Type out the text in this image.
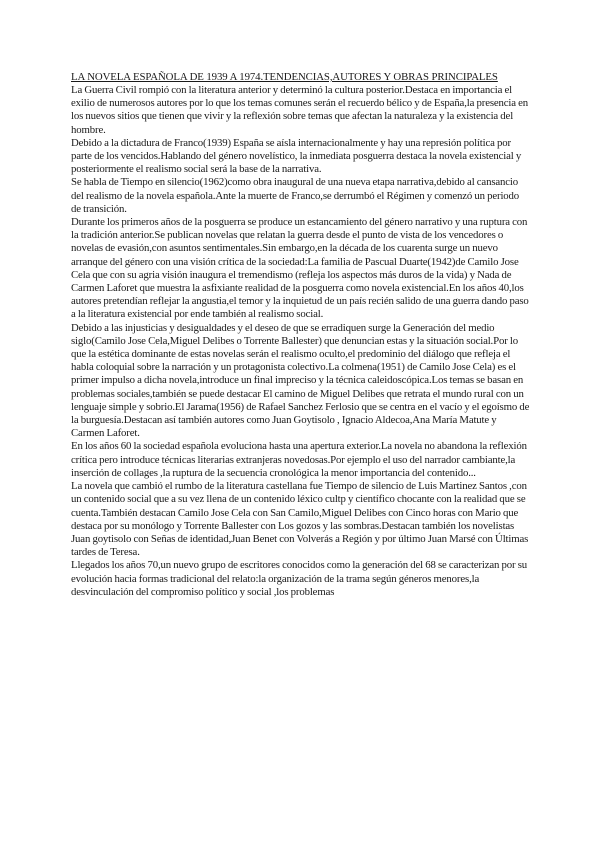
LA NOVELA ESPAÑOLA DE 1939 A 1974.TENDENCIAS,AUTORES Y OBRAS PRINCIPALES

La Guerra Civil rompió con la literatura anterior y determinó la cultura posterior.Destaca en importancia el exilio de numerosos autores por lo que los temas comunes serán el recuerdo bélico y de España,la presencia en los nuevos sitios que tienen que vivir y la reflexión sobre temas que afectan la naturaleza y la existencia del hombre.

Debido a la dictadura de Franco(1939) España se aísla internacionalmente y hay una represión política por parte de los vencidos.Hablando del género novelístico, la inmediata posguerra destaca la novela existencial y posteriormente el realismo social será la base de la narrativa.

Se habla de Tiempo en silencio(1962)como obra inaugural de una nueva etapa narrativa,debido al cansancio del realismo de la novela española.Ante la muerte de Franco,se derrumbó el Régimen y comenzó un periodo de transición.

Durante los primeros años de la posguerra se produce un estancamiento del género narrativo y una ruptura con la tradición anterior.Se publican novelas que relatan la guerra desde el punto de vista de los vencedores o novelas de evasión,con asuntos sentimentales.Sin embargo,en la década de los cuarenta surge un nuevo arranque del género con una visión crítica de la sociedad:La familia de Pascual Duarte(1942)de Camilo Jose Cela que con su agria visión inaugura el tremendismo (refleja los aspectos más duros de la vida) y Nada de Carmen Laforet que muestra la asfixiante realidad de la posguerra como novela existencial.En los años 40,los autores pretendían reflejar la angustia,el temor y la inquietud de un país recién salido de una guerra dando paso a la literatura existencial por ende también al realismo social.

Debido a las injusticias y desigualdades y el deseo de que se erradiquen surge la Generación del medio siglo(Camilo Jose Cela,Miguel Delibes o Torrente Ballester) que denuncian estas y la situación social.Por lo que la estética dominante de estas novelas serán el realismo oculto,el predominio del diálogo que refleja el habla coloquial sobre la narración y un protagonista colectivo.La colmena(1951) de Camilo Jose Cela) es el primer impulso a dicha novela,introduce un final impreciso y la técnica caleidoscópica.Los temas se basan en problemas sociales,también se puede destacar El camino de Miguel Delibes que retrata el mundo rural con un lenguaje simple y sobrio.El Jarama(1956) de Rafael Sanchez Ferlosio que se centra en el vacío y el egoísmo de la burguesía.Destacan así también autores como Juan Goytisolo , Ignacio Aldecoa,Ana María Matute y Carmen Laforet.

En los años 60 la sociedad española evoluciona hasta una apertura exterior.La novela no abandona la reflexión crítica pero introduce técnicas literarias extranjeras novedosas.Por ejemplo el uso del narrador cambiante,la inserción de collages ,la ruptura de la secuencia cronológica la menor importancia del contenido...

La novela que cambió el rumbo de la literatura castellana fue Tiempo de silencio de Luis Martinez Santos ,con un contenido social que a su vez llena de un contenido léxico cultp y científico chocante con la realidad que se cuenta.También destacan Camilo Jose Cela con San Camilo,Miguel Delibes con Cinco horas con Mario que destaca por su monólogo y Torrente Ballester con Los gozos y las sombras.Destacan también los novelistas Juan goytisolo con Señas de identidad,Juan Benet con Volverás a Región y por último Juan Marsé con Últimas tardes de Teresa.

Llegados los años 70,un nuevo grupo de escritores conocidos como la generación del 68 se caracterizan por su evolución hacia formas tradicional del relato:la organización de la trama según géneros menores,la desvinculación del compromiso político y social ,los problemas
